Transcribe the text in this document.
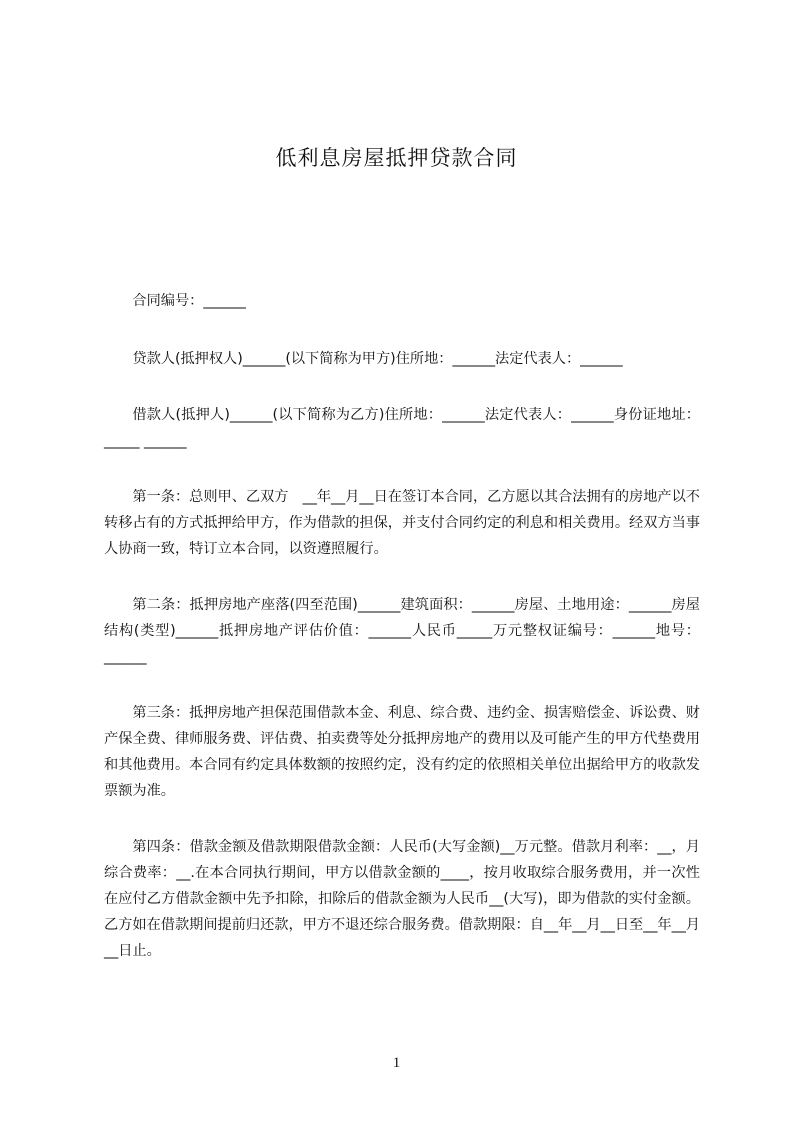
低利息房屋抵押贷款合同

合同编号：______

贷款人(抵押权人)______(以下简称为甲方)住所地：______法定代表人：______

借款人(抵押人)______(以下简称为乙方)住所地：______法定代表人：______身份证地址：_____ ______

第一条：总则甲、乙双方　__年__月__日在签订本合同，乙方愿以其合法拥有的房地产以不转移占有的方式抵押给甲方，作为借款的担保，并支付合同约定的利息和相关费用。经双方当事人协商一致，特订立本合同，以资遵照履行。

第二条：抵押房地产座落(四至范围)______建筑面积：______房屋、土地用途：______房屋结构(类型)______抵押房地产评估价值：______人民币_____万元整权证编号：______地号：______

第三条：抵押房地产担保范围借款本金、利息、综合费、违约金、损害赔偿金、诉讼费、财产保全费、律师服务费、评估费、拍卖费等处分抵押房地产的费用以及可能产生的甲方代垫费用和其他费用。本合同有约定具体数额的按照约定，没有约定的依照相关单位出据给甲方的收款发票额为准。

第四条：借款金额及借款期限借款金额：人民币(大写金额)__万元整。借款月利率：__，月综合费率：__.在本合同执行期间，甲方以借款金额的____，按月收取综合服务费用，并一次性在应付乙方借款金额中先予扣除，扣除后的借款金额为人民币__(大写)，即为借款的实付金额。乙方如在借款期间提前归还款，甲方不退还综合服务费。借款期限：自__年__月__日至__年__月__日止。

1
